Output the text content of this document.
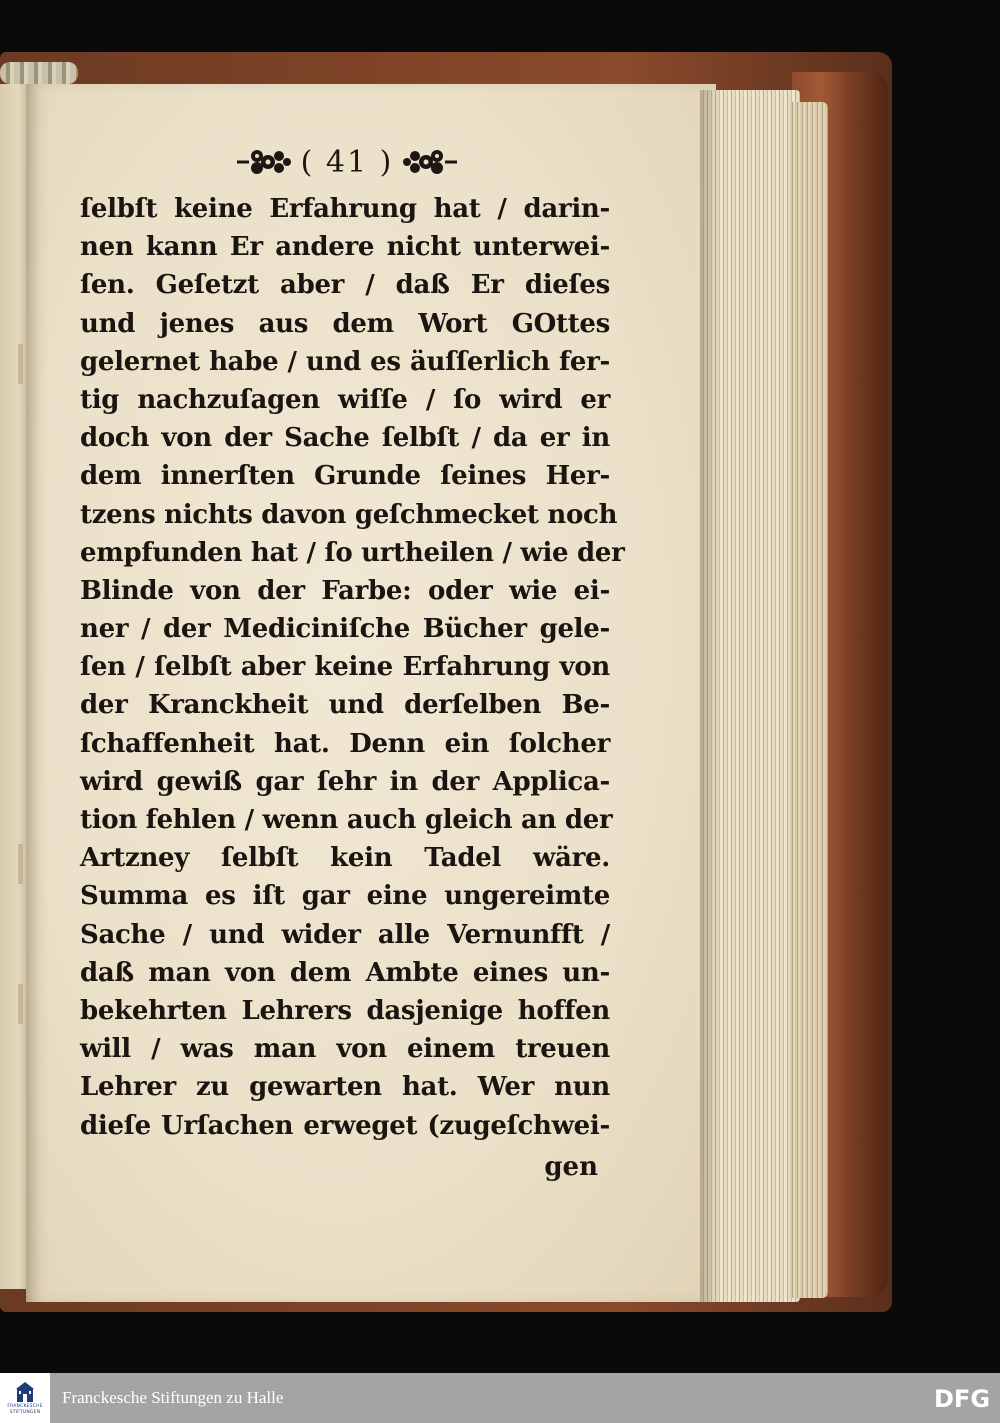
( 41 )
ſelbſt keine Erfahrung hat / darin-
nen kann Er andere nicht unterwei-
ſen. Geſetzt aber / daß Er dieſes
und jenes aus dem Wort GOttes
gelernet habe / und es äuſſerlich fer-
tig nachzuſagen wiſſe / ſo wird er
doch von der Sache ſelbſt / da er in
dem innerſten Grunde ſeines Her-
tzens nichts davon geſchmecket noch
empfunden hat / ſo urtheilen / wie der
Blinde von der Farbe: oder wie ei-
ner / der Mediciniſche Bücher gele-
ſen / ſelbſt aber keine Erfahrung von
der Kranckheit und derſelben Be-
ſchaffenheit hat. Denn ein ſolcher
wird gewiß gar ſehr in der Applica-
tion fehlen / wenn auch gleich an der
Artzney ſelbſt kein Tadel wäre.
Summa es iſt gar eine ungereimte
Sache / und wider alle Vernunfft /
daß man von dem Ambte eines un-
bekehrten Lehrers dasjenige hoffen
will / was man von einem treuen
Lehrer zu gewarten hat. Wer nun
dieſe Urſachen erweget (zugeſchwei-
gen
FRANCKESCHE
STIFTUNGEN
Franckesche Stiftungen zu Halle	DFG
